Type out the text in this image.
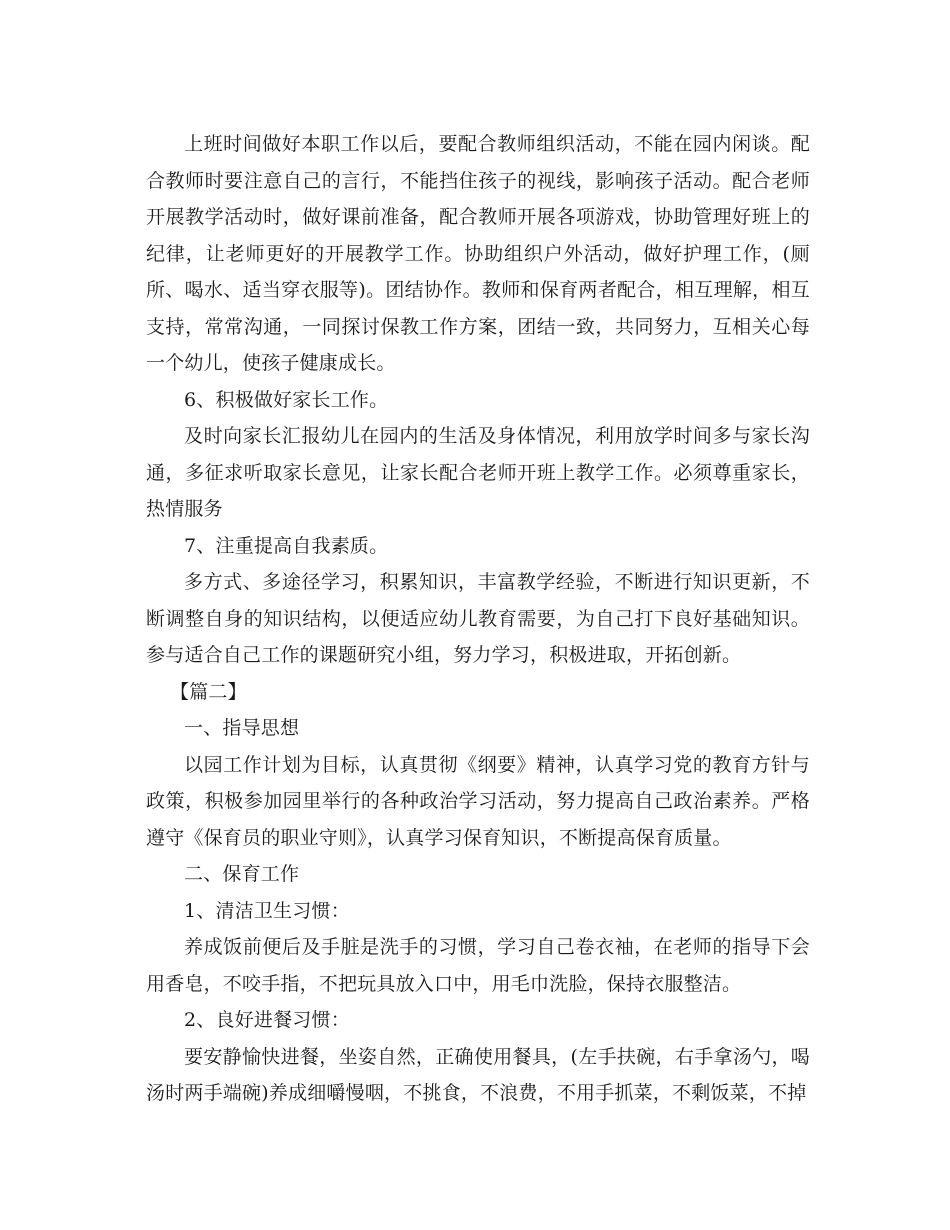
上班时间做好本职工作以后，要配合教师组织活动，不能在园内闲谈。配合教师时要注意自己的言行，不能挡住孩子的视线，影响孩子活动。配合老师开展教学活动时，做好课前准备，配合教师开展各项游戏，协助管理好班上的纪律，让老师更好的开展教学工作。协助组织户外活动，做好护理工作，(厕所、喝水、适当穿衣服等)。团结协作。教师和保育两者配合，相互理解，相互支持，常常沟通，一同探讨保教工作方案，团结一致，共同努力，互相关心每一个幼儿，使孩子健康成长。

6、积极做好家长工作。

及时向家长汇报幼儿在园内的生活及身体情况，利用放学时间多与家长沟通，多征求听取家长意见，让家长配合老师开班上教学工作。必须尊重家长，热情服务

7、注重提高自我素质。

多方式、多途径学习，积累知识，丰富教学经验，不断进行知识更新，不断调整自身的知识结构，以便适应幼儿教育需要，为自己打下良好基础知识。参与适合自己工作的课题研究小组，努力学习，积极进取，开拓创新。

【篇二】

一、指导思想

以园工作计划为目标，认真贯彻《纲要》精神，认真学习党的教育方针与政策，积极参加园里举行的各种政治学习活动，努力提高自己政治素养。严格遵守《保育员的职业守则》，认真学习保育知识，不断提高保育质量。

二、保育工作

1、清洁卫生习惯：

养成饭前便后及手脏是洗手的习惯，学习自己卷衣袖，在老师的指导下会用香皂，不咬手指，不把玩具放入口中，用毛巾洗脸，保持衣服整洁。

2、良好进餐习惯：

要安静愉快进餐，坐姿自然，正确使用餐具，(左手扶碗，右手拿汤勺，喝汤时两手端碗)养成细嚼慢咽，不挑食，不浪费，不用手抓菜，不剩饭菜，不掉
